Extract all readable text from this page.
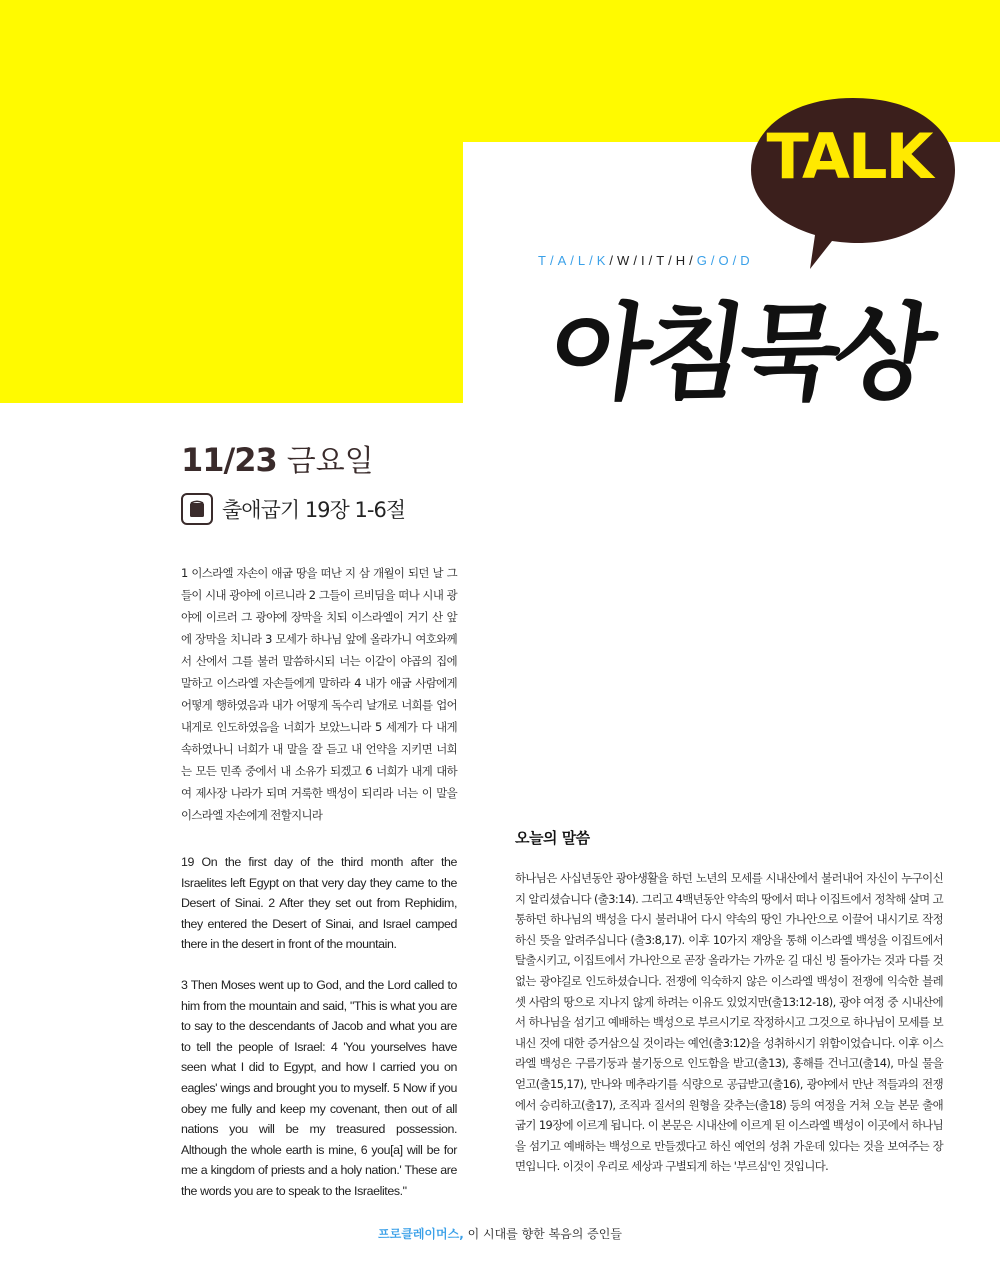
TALK
T / A / L / K / W / I / T / H / G / O / D
아침묵상
11/23 금요일
출애굽기 19장 1-6절

1 이스라엘 자손이 애굽 땅을 떠난 지 삼 개월이 되던 날 그들이 시내 광야에 이르니라 2 그들이 르비딤을 떠나 시내 광야에 이르러 그 광야에 장막을 치되 이스라엘이 거기 산 앞에 장막을 치니라 3 모세가 하나님 앞에 올라가니 여호와께서 산에서 그를 불러 말씀하시되 너는 이같이 야곱의 집에 말하고 이스라엘 자손들에게 말하라 4 내가 애굽 사람에게 어떻게 행하였음과 내가 어떻게 독수리 날개로 너희를 업어 내게로 인도하였음을 너희가 보았느니라 5 세계가 다 내게 속하였나니 너희가 내 말을 잘 듣고 내 언약을 지키면 너희는 모든 민족 중에서 내 소유가 되겠고 6 너희가 내게 대하여 제사장 나라가 되며 거룩한 백성이 되리라 너는 이 말을 이스라엘 자손에게 전할지니라

19 On the first day of the third month after the Israelites left Egypt on that very day they came to the Desert of Sinai. 2 After they set out from Rephidim, they entered the Desert of Sinai, and Israel camped there in the desert in front of the mountain.

3 Then Moses went up to God, and the Lord called to him from the mountain and said, "This is what you are to say to the descendants of Jacob and what you are to tell the people of Israel: 4 'You yourselves have seen what I did to Egypt, and how I carried you on eagles' wings and brought you to myself. 5 Now if you obey me fully and keep my covenant, then out of all nations you will be my treasured possession. Although the whole earth is mine, 6 you[a] will be for me a kingdom of priests and a holy nation.' These are the words you are to speak to the Israelites."

오늘의 말씀

하나님은 사십년동안 광야생활을 하던 노년의 모세를 시내산에서 불러내어 자신이 누구이신지 알리셨습니다 (출3:14). 그리고 4백년동안 약속의 땅에서 떠나 이집트에서 정착해 살며 고통하던 하나님의 백성을 다시 불러내어 다시 약속의 땅인 가나안으로 이끌어 내시기로 작정하신 뜻을 알려주십니다 (출3:8,17). 이후 10가지 재앙을 통해 이스라엘 백성을 이집트에서 탈출시키고, 이집트에서 가나안으로 곧장 올라가는 가까운 길 대신 빙 돌아가는 것과 다를 것 없는 광야길로 인도하셨습니다. 전쟁에 익숙하지 않은 이스라엘 백성이 전쟁에 익숙한 블레셋 사람의 땅으로 지나지 않게 하려는 이유도 있었지만(출13:12-18), 광야 여정 중 시내산에서 하나님을 섬기고 예배하는 백성으로 부르시기로 작정하시고 그것으로 하나님이 모세를 보내신 것에 대한 증거삼으실 것이라는 예언(출3:12)을 성취하시기 위함이었습니다. 이후 이스라엘 백성은 구름기둥과 불기둥으로 인도함을 받고(출13), 홍해를 건너고(출14), 마실 물을 얻고(출15,17), 만나와 메추라기를 식량으로 공급받고(출16), 광야에서 만난 적들과의 전쟁에서 승리하고(출17), 조직과 질서의 원형을 갖추는(출18) 등의 여정을 거쳐 오늘 본문 출애굽기 19장에 이르게 됩니다. 이 본문은 시내산에 이르게 된 이스라엘 백성이 이곳에서 하나님을 섬기고 예배하는 백성으로 만들겠다고 하신 예언의 성취 가운데 있다는 것을 보여주는 장면입니다. 이것이 우리로 세상과 구별되게 하는 '부르심'인 것입니다.

프로클레이머스, 이 시대를 향한 복음의 증인들
